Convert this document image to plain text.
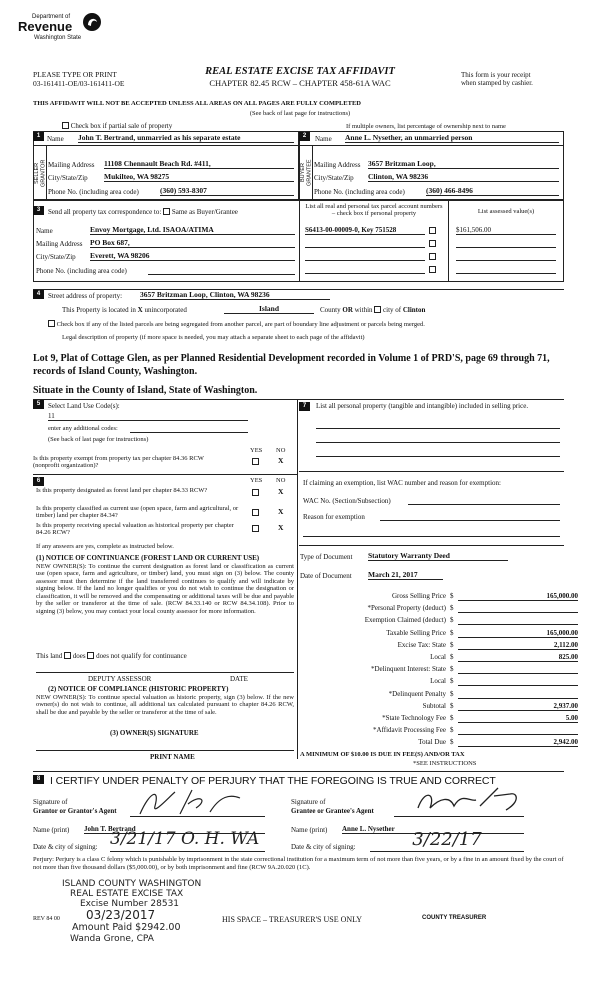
Department of
Revenue
Washington State
PLEASE TYPE OR PRINT
03-161411-OE/03-161411-OE
REAL ESTATE EXCISE TAX AFFIDAVIT
CHAPTER 82.45 RCW – CHAPTER 458-61A WAC
This form is your receipt
when stamped by cashier.
THIS AFFIDAVIT WILL NOT BE ACCEPTED UNLESS ALL AREAS ON ALL PAGES ARE FULLY COMPLETED
(See back of last page for instructions)
Check box if partial sale of property	If multiple owners, list percentage of ownership next to name
1	2
SELLER GRANTOR	BUYER GRANTEE
Name John T. Bertrand, unmarried as his separate estate
Mailing Address 11108 Chennault Beach Rd. #411,
City/State/Zip Mukilteo, WA 98275
Phone No. (including area code)	(360) 593-8307
Name Anne L. Nysether, an unmarried person
Mailing Address 3657 Britzman Loop,
City/State/Zip Clinton, WA 98236
Phone No. (including area code)	(360) 466-8496
3	Send all property tax correspondence to: Same as Buyer/Grantee
List all real and personal tax parcel account numbers – check box if personal property	List assessed value(s)
Name	Envoy Mortgage, Ltd. ISAOA/ATIMA
Mailing Address PO Box 687,
City/State/Zip Everett, WA 98206
Phone No. (including area code)
S6413-00-00009-0, Key 751528	$161,506.00
4	Street address of property: 3657 Britzman Loop, Clinton, WA 98236
This Property is located in X unincorporated	Island	County OR within city of Clinton
Check box if any of the listed parcels are being segregated from another parcel, are part of boundary line adjustment or parcels being merged.
Legal description of property (if more space is needed, you may attach a separate sheet to each page of the affidavit)
Lot 9, Plat of Cottage Glen, as per Planned Residential Development recorded in Volume 1 of PRD'S, page 69 through 71, records of Island County, Washington.
Situate in the County of Island, State of Washington.
5	Select Land Use Code(s):
11
enter any additional codes:
(See back of last page for instructions)
YES NO
Is this property exempt from property tax per chapter 84.36 RCW (nonprofit organization)?
X
6	YES NO
Is this property designated as forest land per chapter 84.33 RCW?	X
Is this property classified as current use (open space, farm and agricultural, or timber) land per chapter 84.34?	X
Is this property receiving special valuation as historical property per chapter 84.26 RCW?
X
If any answers are yes, complete as instructed below.
(1) NOTICE OF CONTINUANCE (FOREST LAND OR CURRENT USE)
NEW OWNER(S): To continue the current designation as forest land or classification as current use (open space, farm and agriculture, or timber) land, you must sign on (3) below. The county assessor must then determine if the land transferred continues to qualify and will indicate by signing below. If the land no longer qualifies or you do not wish to continue the designation or classification, it will be removed and the compensating or additional taxes will be due and payable by the seller or transferor at the time of sale. (RCW 84.33.140 or RCW 84.34.108). Prior to signing (3) below, you may contact your local county assessor for more information.
This land does does not qualify for continuance
DEPUTY ASSESSOR	DATE
(2) NOTICE OF COMPLIANCE (HISTORIC PROPERTY)
NEW OWNER(S): To continue special valuation as historic property, sign (3) below. If the new owner(s) do not wish to continue, all additional tax calculated pursuant to chapter 84.26 RCW, shall be due and payable by the seller or transferor at the time of sale.
(3) OWNER(S) SIGNATURE
PRINT NAME
7	List all personal property (tangible and intangible) included in selling price.
If claiming an exemption, list WAC number and reason for exemption:
WAC No. (Section/Subsection)
Reason for exemption
Type of Document Statutory Warranty Deed
Date of Document March 21, 2017
Gross Selling Price $	165,000.00
*Personal Property (deduct) $
Exemption Claimed (deduct) $
Taxable Selling Price $	165,000.00
Excise Tax: State $	2,112.00
Local $	825.00
*Delinquent Interest: State $
Local $
*Delinquent Penalty $
Subtotal $	2,937.00
*State Technology Fee $	5.00
*Affidavit Processing Fee $
Total Due $	2,942.00
A MINIMUM OF $10.00 IS DUE IN FEE(S) AND/OR TAX
*SEE INSTRUCTIONS
8 I CERTIFY UNDER PENALTY OF PERJURY THAT THE FOREGOING IS TRUE AND CORRECT
Signature of
Grantor or Grantor's Agent
Signature of
Grantee or Grantee's Agent
Name (print) John T. Bertrand	Name (print) Anne L. Nysether
Date & city of signing: 3/21/17 O. H. WA	Date & city of signing:	3/22/17
Perjury: Perjury is a class C felony which is punishable by imprisonment in the state correctional institution for a maximum term of not more than five years, or by a fine in an amount fixed by the court of not more than five thousand dollars ($5,000.00), or by both imprisonment and fine (RCW 9A.20.020 (1C).
ISLAND COUNTY WASHINGTON
REAL ESTATE EXCISE TAX
Excise Number 28531
03/23/2017
Amount Paid $2942.00
Wanda Grone, CPA
REV 84 00	HIS SPACE – TREASURER'S USE ONLY	COUNTY TREASURER
